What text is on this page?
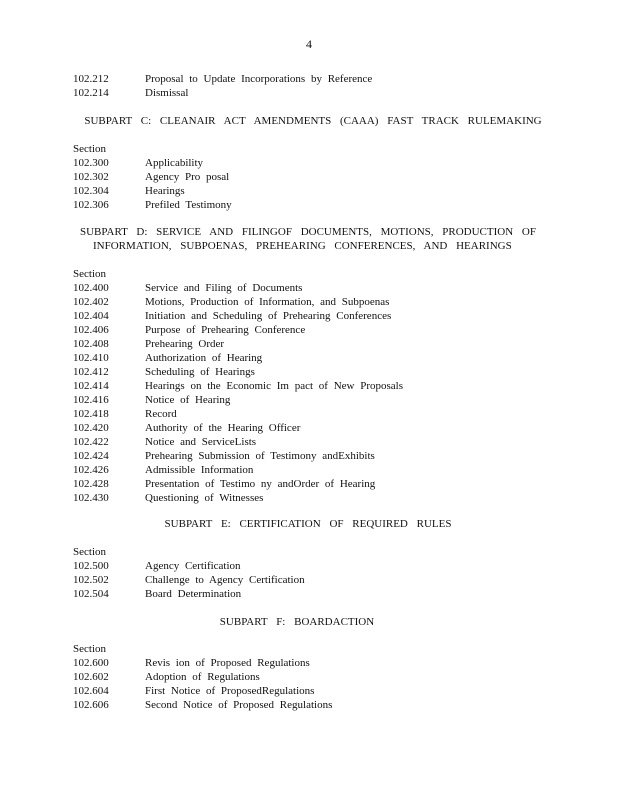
4
102.212	Proposal to Update Incorporations by Reference
102.214	Dismissal
SUBPART C: CLEANAIR ACT AMENDMENTS (CAAA) FAST TRACK RULEMAKING
Section
102.300	Applicability
102.302	Agency Pro posal
102.304	Hearings
102.306	Prefiled Testimony
SUBPART D: SERVICE AND FILINGOF DOCUMENTS, MOTIONS, PRODUCTION OF
INFORMATION, SUBPOENAS, PREHEARING CONFERENCES, AND HEARINGS
Section
102.400	Service and Filing of Documents
102.402	Motions, Production of Information, and Subpoenas
102.404	Initiation and Scheduling of Prehearing Conferences
102.406	Purpose of Prehearing Conference
102.408	Prehearing Order
102.410	Authorization of Hearing
102.412	Scheduling of Hearings
102.414	Hearings on the Economic Im pact of New Proposals
102.416	Notice of Hearing
102.418	Record
102.420	Authority of the Hearing Officer
102.422	Notice and ServiceLists
102.424	Prehearing Submission of Testimony andExhibits
102.426	Admissible Information
102.428	Presentation of Testimo ny andOrder of Hearing
102.430	Questioning of Witnesses
SUBPART E: CERTIFICATION OF REQUIRED RULES
Section
102.500	Agency Certification
102.502	Challenge to Agency Certification
102.504	Board Determination
SUBPART F: BOARDACTION
Section
102.600	Revis ion of Proposed Regulations
102.602	Adoption of Regulations
102.604	First Notice of ProposedRegulations
102.606	Second Notice of Proposed Regulations
